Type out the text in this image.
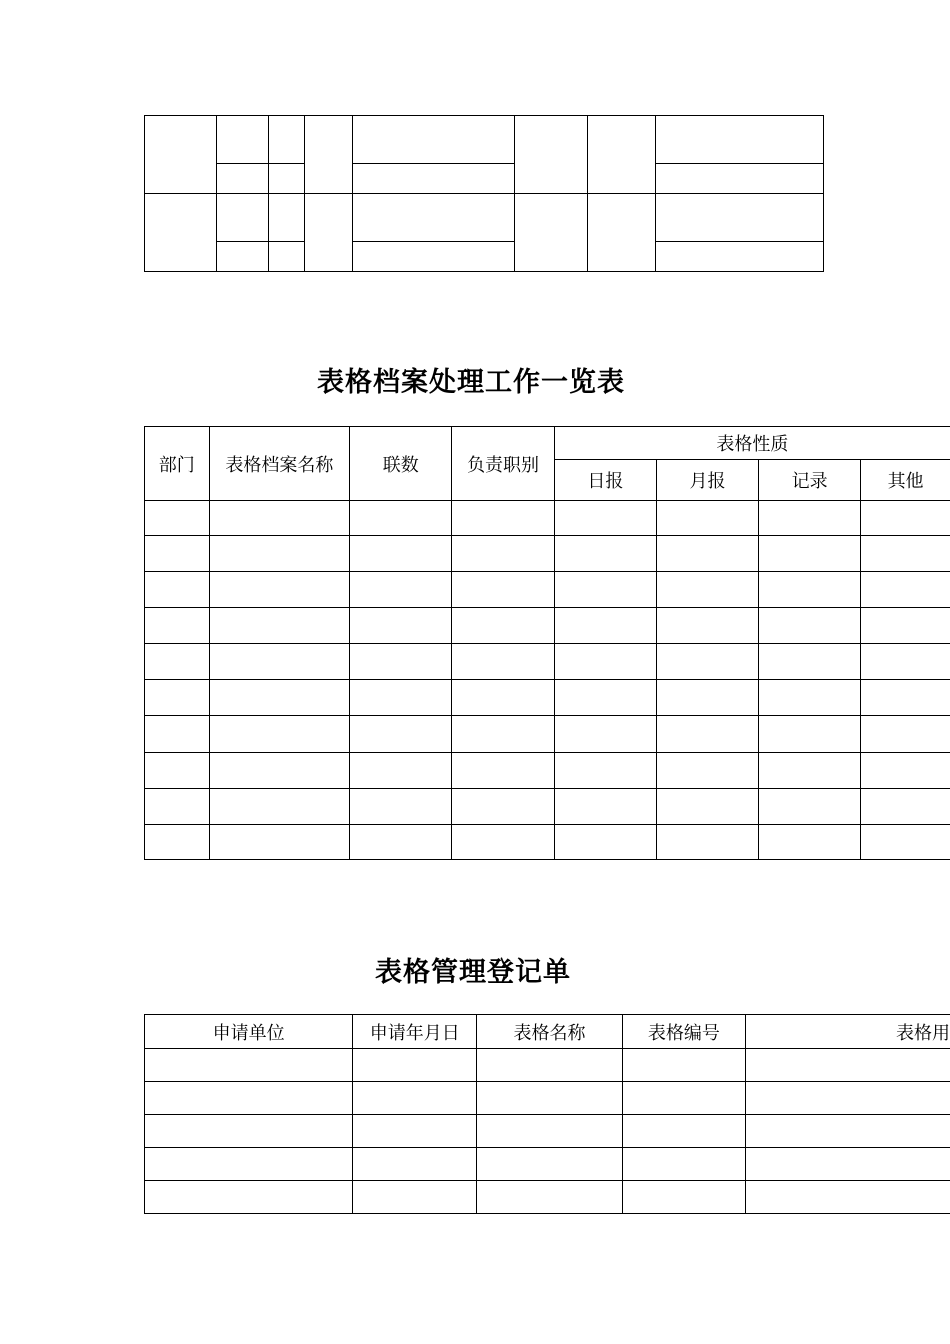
表格档案处理工作一览表
部门	表格档案名称	联数	负责职别	表格性质			
				日报	月报	记录	其他

表格管理登记单
申请单位	申请年月日	表格名称	表格编号	表格用
